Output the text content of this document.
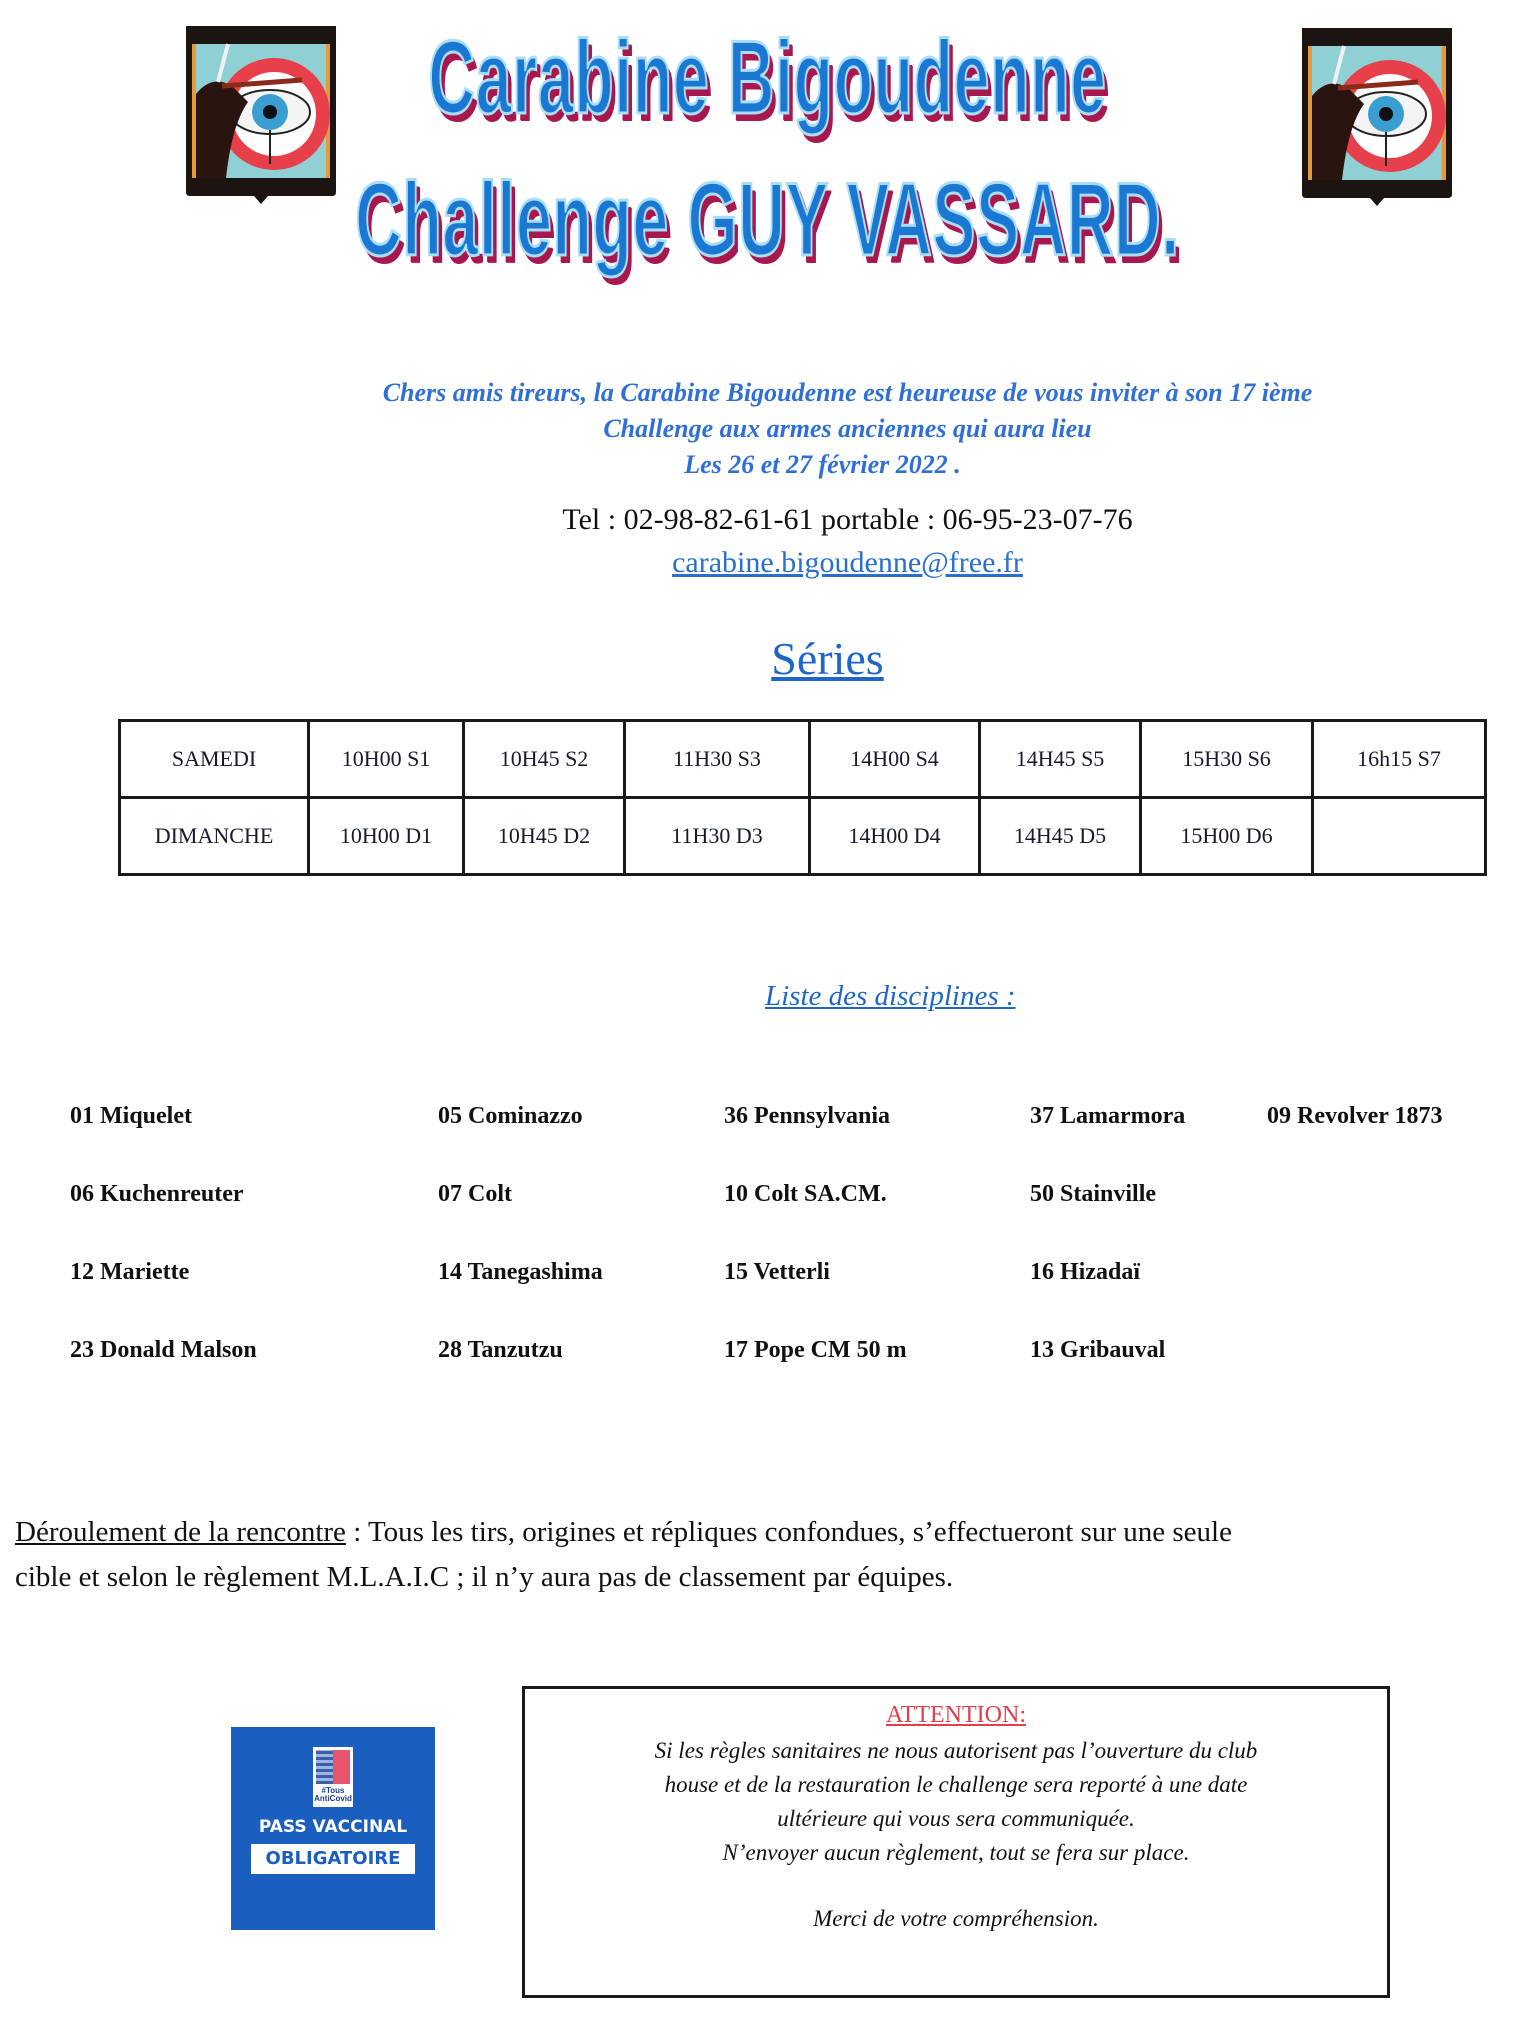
Carabine Bigoudenne
Challenge GUY VASSARD.
Chers amis tireurs, la Carabine Bigoudenne est heureuse de vous inviter à son 17 ième
Challenge aux armes anciennes qui aura lieu
Les 26 et 27 février 2022 .
Tel : 02-98-82-61-61 portable : 06-95-23-07-76
carabine.bigoudenne@free.fr
Séries
SAMEDI	10H00 S1	10H45 S2	11H30 S3	14H00 S4	14H45 S5	15H30 S6	16h15 S7
DIMANCHE	10H00 D1	10H45 D2	11H30 D3	14H00 D4	14H45 D5	15H00 D6	
Liste des disciplines :
01 Miquelet	05 Cominazzo	36 Pennsylvania	37 Lamarmora	09 Revolver 1873
06 Kuchenreuter	07 Colt	10 Colt SA.CM.	50 Stainville
12 Mariette	14 Tanegashima	15 Vetterli	16 Hizadaï
23 Donald Malson	28 Tanzutzu	17 Pope CM 50 m	13 Gribauval
Déroulement de la rencontre : Tous les tirs, origines et répliques confondues, s’effectueront sur une seule
cible et selon le règlement M.L.A.I.C ; il n’y aura pas de classement par équipes.
#Tous AntiCovid
PASS VACCINAL
OBLIGATOIRE
ATTENTION:
Si les règles sanitaires ne nous autorisent pas l’ouverture du club
house et de la restauration le challenge sera reporté à une date
ultérieure qui vous sera communiquée.
N’envoyer aucun règlement, tout se fera sur place.
Merci de votre compréhension.
